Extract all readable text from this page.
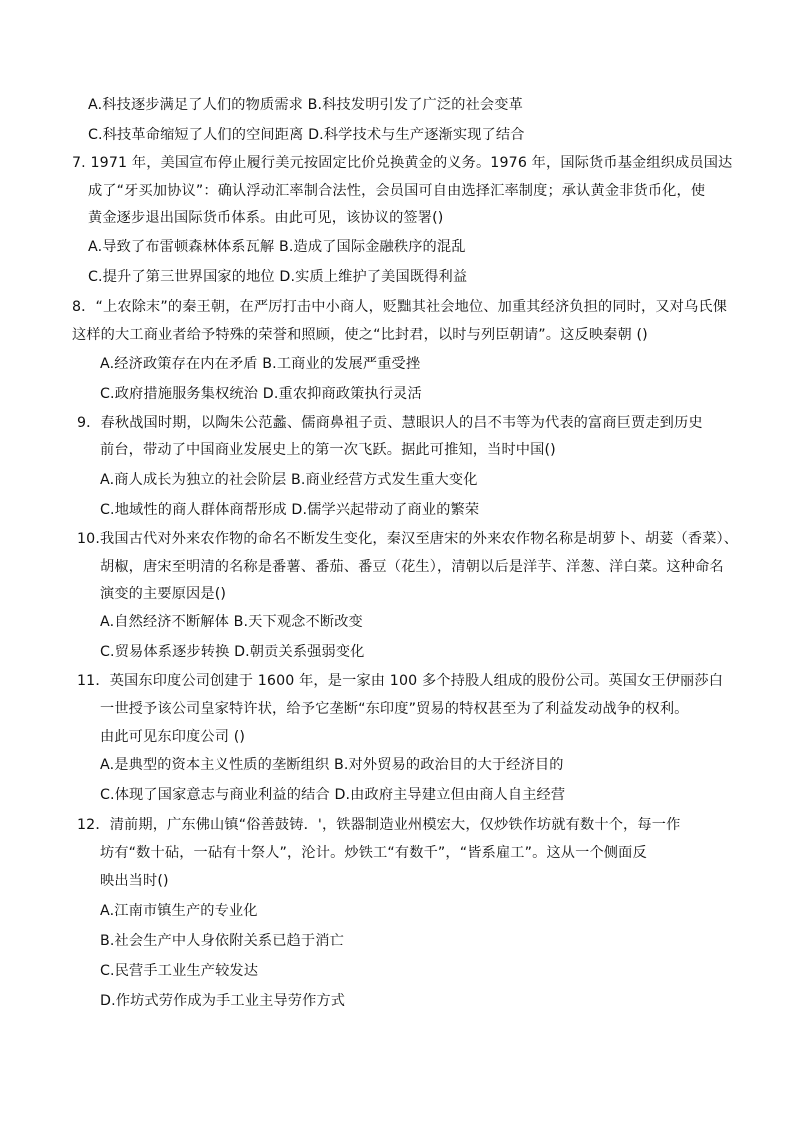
A.科技逐步满足了人们的物质需求 B.科技发明引发了广泛的社会变革
C.科技革命缩短了人们的空间距离 D.科学技术与生产逐渐实现了结合
7. 1971 年，美国宣布停止履行美元按固定比价兑换黄金的义务。1976 年，国际货币基金组织成员国达
成了“牙买加协议”：确认浮动汇率制合法性，会员国可自由选择汇率制度；承认黄金非货币化，使
黄金逐步退出国际货币体系。由此可见，该协议的签署()
A.导致了布雷顿森林体系瓦解 B.造成了国际金融秩序的混乱
C.提升了第三世界国家的地位 D.实质上维护了美国既得利益
8．“上农除末”的秦王朝，在严厉打击中小商人，贬黜其社会地位、加重其经济负担的同时，又对乌氏倮
这样的大工商业者给予特殊的荣誉和照顾，使之“比封君，以时与列臣朝请”。这反映秦朝 ()
A.经济政策存在内在矛盾 B.工商业的发展严重受挫
C.政府措施服务集权统治 D.重农抑商政策执行灵活
9．春秋战国时期，以陶朱公范蠡、儒商鼻祖子贡、慧眼识人的吕不韦等为代表的富商巨贾走到历史
前台，带动了中国商业发展史上的第一次飞跃。据此可推知，当时中国()
A.商人成长为独立的社会阶层 B.商业经营方式发生重大变化
C.地域性的商人群体商帮形成 D.儒学兴起带动了商业的繁荣
10.我国古代对外来农作物的命名不断发生变化，秦汉至唐宋的外来农作物名称是胡萝卜、胡荽（香菜）、
胡椒，唐宋至明清的名称是番薯、番茄、番豆（花生），清朝以后是洋芋、洋葱、洋白菜。这种命名
演变的主要原因是()
A.自然经济不断解体 B.天下观念不断改变
C.贸易体系逐步转换 D.朝贡关系强弱变化
11．英国东印度公司创建于 1600 年，是一家由 100 多个持股人组成的股份公司。英国女王伊丽莎白
一世授予该公司皇家特许状，给予它垄断“东印度”贸易的特权甚至为了利益发动战争的权利。
由此可见东印度公司 ()
A.是典型的资本主义性质的垄断组织 B.对外贸易的政治目的大于经济目的
C.体现了国家意志与商业利益的结合 D.由政府主导建立但由商人自主经营
12．清前期，广东佛山镇“俗善鼓铸．'，铁器制造业州模宏大，仅炒铁作坊就有数十个，每一作
坊有“数十砧，一砧有十祭人”，沦计。炒铁工“有数千”，“皆系雇工”。这从一个侧面反
映出当时()
A.江南市镇生产的专业化
B.社会生产中人身依附关系已趋于消亡
C.民营手工业生产较发达
D.作坊式劳作成为手工业主导劳作方式
